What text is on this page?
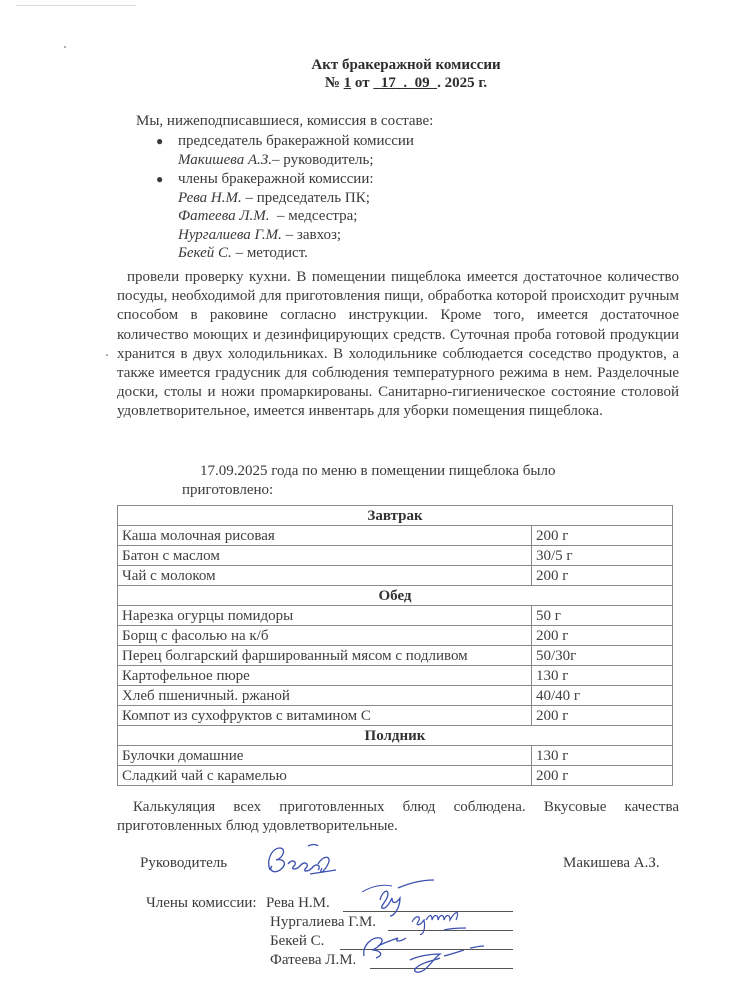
Акт бракеражной комиссии
№ 1 от 17 . 09 . 2025 г.
Мы, нижеподписавшиеся, комиссия в составе:
● председатель бракеражной комиссии
Макишева А.З.– руководитель;
● члены бракеражной комиссии:
Рева Н.М. – председатель ПК;
Фатеева Л.М.  – медсестра;
Нургалиева Г.М. – завхоз;
Бекей С. – методист.
провели проверку кухни. В помещении пищеблока имеется достаточное количество посуды, необходимой для приготовления пищи, обработка которой происходит ручным способом в раковине согласно инструкции. Кроме того, имеется достаточное количество моющих и дезинфицирующих средств. Суточная проба готовой продукции хранится в двух холодильниках. В холодильнике соблюдается соседство продуктов, а также имеется градусник для соблюдения температурного режима в нем. Разделочные доски, столы и ножи промаркированы. Санитарно-гигиеническое состояние столовой удовлетворительное, имеется инвентарь для уборки помещения пищеблока.
17.09.2025 года по меню в помещении пищеблока было
приготовлено:
Завтрак	
Каша молочная рисовая	200 г
Батон с маслом	30/5 г
Чай с молоком	200 г
Обед	
Нарезка огурцы помидоры	50 г
Борщ с фасолью на к/б	200 г
Перец болгарский фаршированный мясом с подливом	50/30г
Картофельное пюре	130 г
Хлеб пшеничный. ржаной	40/40 г
Компот из сухофруктов с витамином С	200 г
Полдник	
Булочки домашние	130 г
Сладкий чай с карамелью	200 г
Калькуляция всех приготовленных блюд соблюдена. Вкусовые качества приготовленных блюд удовлетворительные.
Руководитель	Макишева А.З.
Члены комиссии: Рева Н.М.
Нургалиева Г.М.
Бекей С.
Фатеева Л.М.
